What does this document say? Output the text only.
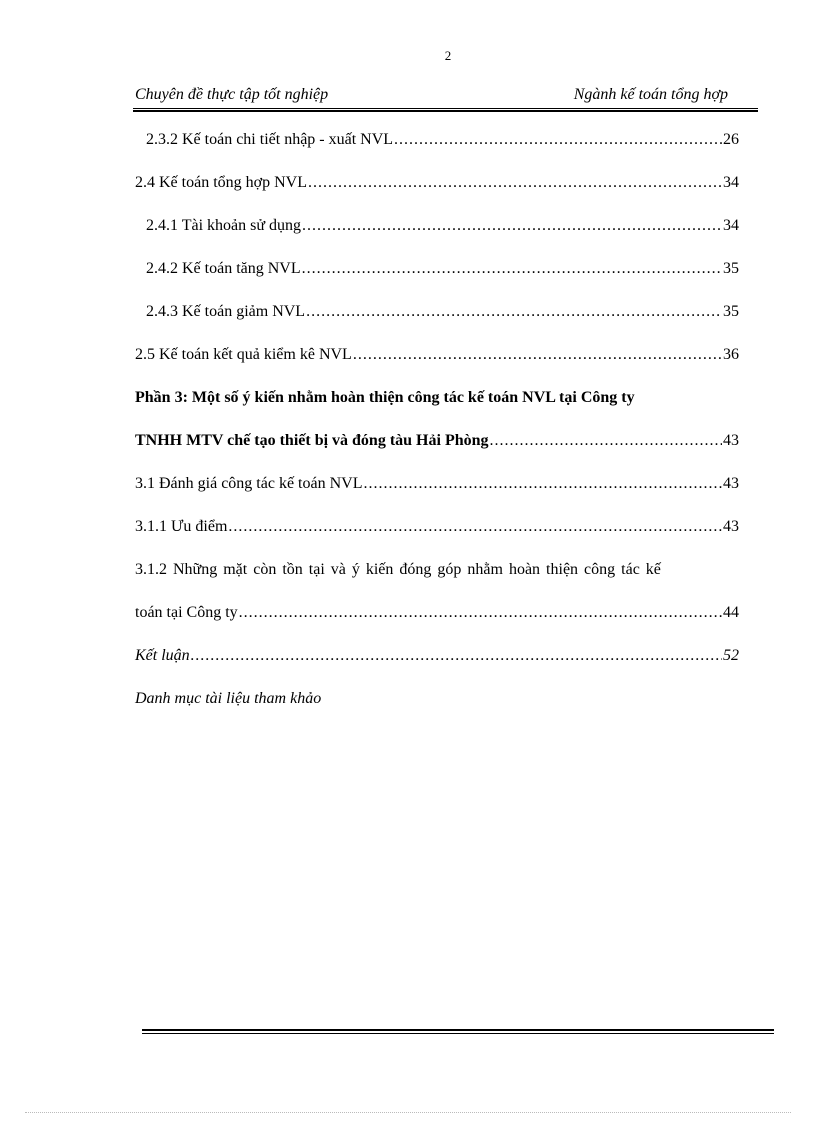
2
Chuyên đề thực tập tốt nghiệp	Ngành kế toán tổng hợp
2.3.2 Kế toán chi tiết nhập - xuất NVL .....	26
2.4 Kế toán tổng hợp NVL .....	34
2.4.1 Tài khoản sử dụng .....	34
2.4.2 Kế toán tăng NVL .....	35
2.4.3 Kế toán giảm NVL .....	35
2.5 Kế toán kết quả kiểm kê NVL .....	36
Phần 3: Một số ý kiến nhằm hoàn thiện công tác kế toán NVL tại Công ty
TNHH MTV chế tạo thiết bị và đóng tàu Hải Phòng .....	43
3.1 Đánh giá công tác kế toán NVL .....	43
3.1.1 Ưu điểm .....	43
3.1.2 Những mặt còn tồn tại và ý kiến đóng góp nhằm hoàn thiện công tác kế
toán tại Công ty .....	44
Kết luận .....	52
Danh mục tài liệu tham khảo
